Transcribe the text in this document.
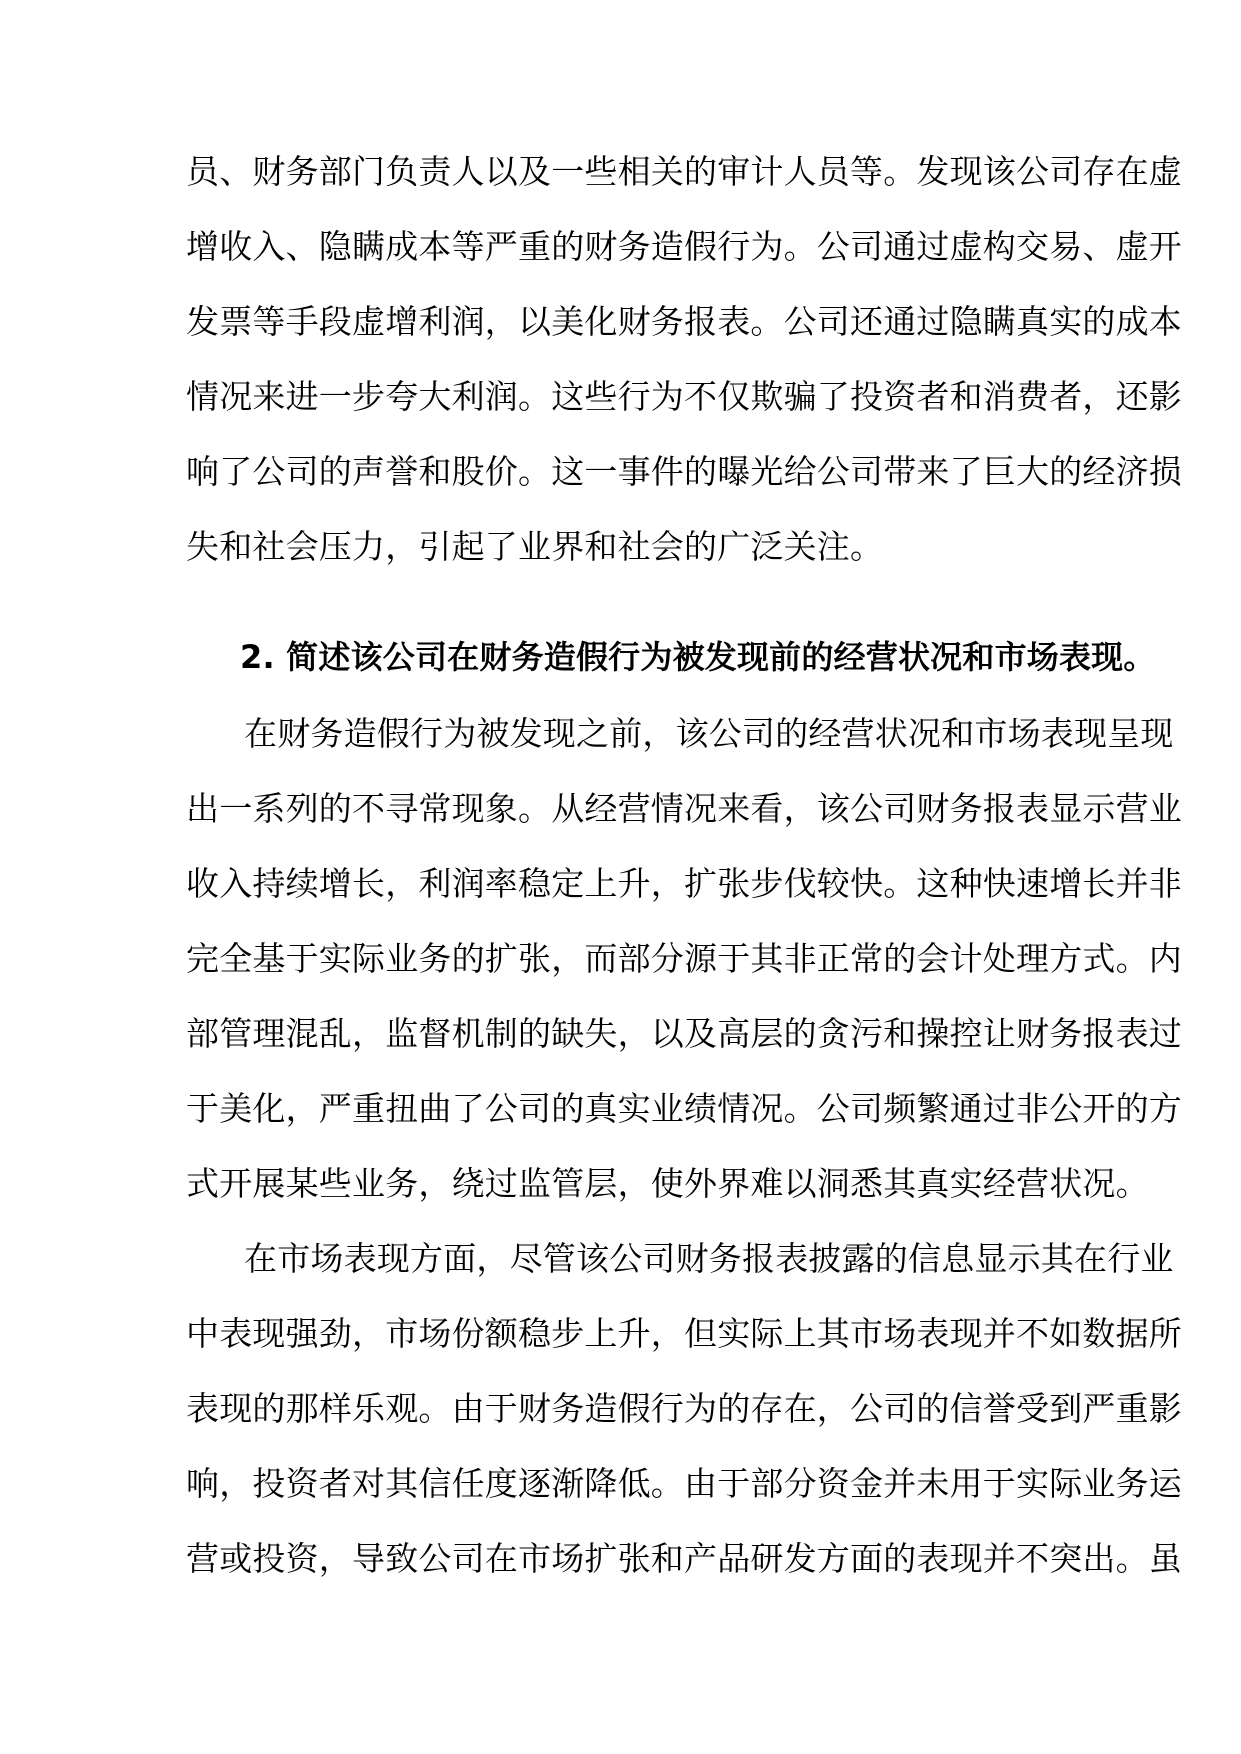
员、财务部门负责人以及一些相关的审计人员等。发现该公司存在虚
增收入、隐瞒成本等严重的财务造假行为。公司通过虚构交易、虚开
发票等手段虚增利润，以美化财务报表。公司还通过隐瞒真实的成本
情况来进一步夸大利润。这些行为不仅欺骗了投资者和消费者，还影
响了公司的声誉和股价。这一事件的曝光给公司带来了巨大的经济损
失和社会压力，引起了业界和社会的广泛关注。
2. 简述该公司在财务造假行为被发现前的经营状况和市场表现。
在财务造假行为被发现之前，该公司的经营状况和市场表现呈现
出一系列的不寻常现象。从经营情况来看，该公司财务报表显示营业
收入持续增长，利润率稳定上升，扩张步伐较快。这种快速增长并非
完全基于实际业务的扩张，而部分源于其非正常的会计处理方式。内
部管理混乱，监督机制的缺失，以及高层的贪污和操控让财务报表过
于美化，严重扭曲了公司的真实业绩情况。公司频繁通过非公开的方
式开展某些业务，绕过监管层，使外界难以洞悉其真实经营状况。
在市场表现方面，尽管该公司财务报表披露的信息显示其在行业
中表现强劲，市场份额稳步上升，但实际上其市场表现并不如数据所
表现的那样乐观。由于财务造假行为的存在，公司的信誉受到严重影
响，投资者对其信任度逐渐降低。由于部分资金并未用于实际业务运
营或投资，导致公司在市场扩张和产品研发方面的表现并不突出。虽
